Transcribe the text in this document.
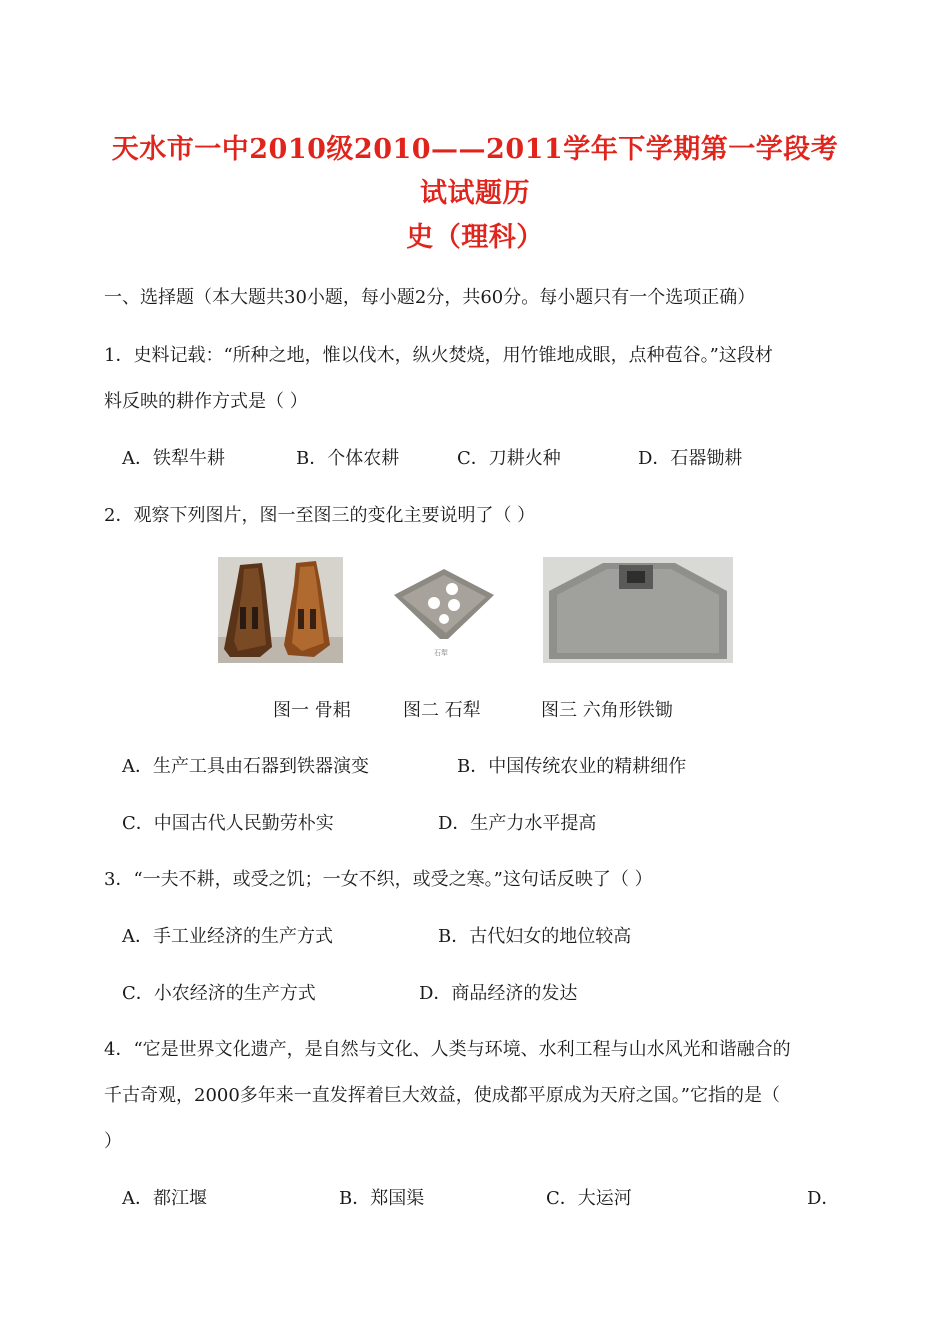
天水市一中2010级2010——2011学年下学期第一学段考试试题历
史（理科）
一、选择题（本大题共30小题，每小题2分，共60分。每小题只有一个选项正确）
1．史料记载：“所种之地，惟以伐木，纵火焚烧，用竹锥地成眼，点种苞谷。”这段材
料反映的耕作方式是（ ）
A．铁犁牛耕	B．个体农耕	C．刀耕火种	D．石器锄耕
2．观察下列图片，图一至图三的变化主要说明了（ ）
石犁
图一 骨耜	图二 石犁	图三 六角形铁锄
A．生产工具由石器到铁器演变	B．中国传统农业的精耕细作
C．中国古代人民勤劳朴实	D．生产力水平提高
3．“一夫不耕，或受之饥；一女不织，或受之寒。”这句话反映了（ ）
A．手工业经济的生产方式	B．古代妇女的地位较高
C．小农经济的生产方式	D．商品经济的发达
4．“它是世界文化遗产，是自然与文化、人类与环境、水利工程与山水风光和谐融合的
千古奇观，2000多年来一直发挥着巨大效益，使成都平原成为天府之国。”它指的是（
）
A．都江堰	B．郑国渠	C．大运河	D．
